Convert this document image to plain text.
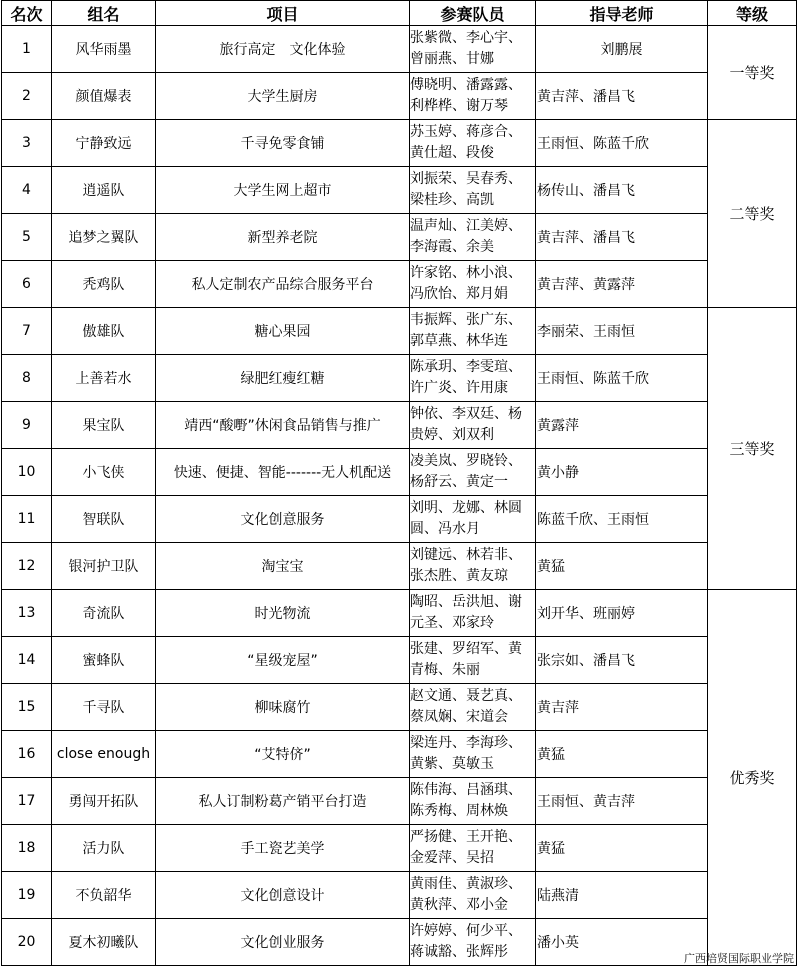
名次	组名	项目	参赛队员	指导老师	等级
1	风华雨墨	旅行高定　文化体验	张紫微、李心宇、
曾丽燕、甘娜	刘鹏展	一等奖
2	颜值爆表	大学生厨房	傅晓明、潘露露、
利桦桦、谢万琴	黄吉萍、潘昌飞	
3	宁静致远	千寻免零食铺	苏玉婷、蒋彦合、
黄仕超、段俊	王雨恒、陈蓝千欣	二等奖
4	逍遥队	大学生网上超市	刘振荣、吴春秀、
梁桂珍、高凯	杨传山、潘昌飞	
5	追梦之翼队	新型养老院	温声灿、江美婷、
李海霞、余美	黄吉萍、潘昌飞	
6	秃鸡队	私人定制农产品综合服务平台	许家铭、林小浪、
冯欣怡、郑月娟	黄吉萍、黄露萍	
7	傲雄队	糖心果园	韦振辉、张广东、
郭草燕、林华连	李丽荣、王雨恒	三等奖
8	上善若水	绿肥红瘦红糖	陈承玥、李雯瑄、
许广炎、许用康	王雨恒、陈蓝千欣	
9	果宝队	靖西“酸嘢”休闲食品销售与推广	钟依、李双廷、杨
贵婷、刘双利	黄露萍	
10	小飞侠	快速、便捷、智能-------无人机配送	凌美岚、罗晓铃、
杨舒云、黄定一	黄小静	
11	智联队	文化创意服务	刘明、龙娜、林圆
圆、冯水月	陈蓝千欣、王雨恒	
12	银河护卫队	淘宝宝	刘键远、林若非、
张杰胜、黄友琼	黄猛	
13	奇流队	时光物流	陶昭、岳洪旭、谢
元圣、邓家玲	刘开华、班丽婷	优秀奖
14	蜜蜂队	“星级宠屋”	张建、罗绍军、黄
青梅、朱丽	张宗如、潘昌飞	
15	千寻队	柳味腐竹	赵文通、聂艺真、
蔡凤娴、宋道会	黄吉萍	
16	close enough	“艾特侪”	梁连丹、李海珍、
黄紫、莫敏玉	黄猛	
17	勇闯开拓队	私人订制粉葛产销平台打造	陈伟海、吕涵琪、
陈秀梅、周林焕	王雨恒、黄吉萍	
18	活力队	手工瓷艺美学	严扬健、王开艳、
金爱萍、吴招	黄猛	
19	不负韶华	文化创意设计	黄雨佳、黄淑珍、
黄秋萍、邓小金	陆燕清	
20	夏木初曦队	文化创业服务	许婷婷、何少平、
蒋诚豁、张辉彤	潘小英	
广西培贤国际职业学院
